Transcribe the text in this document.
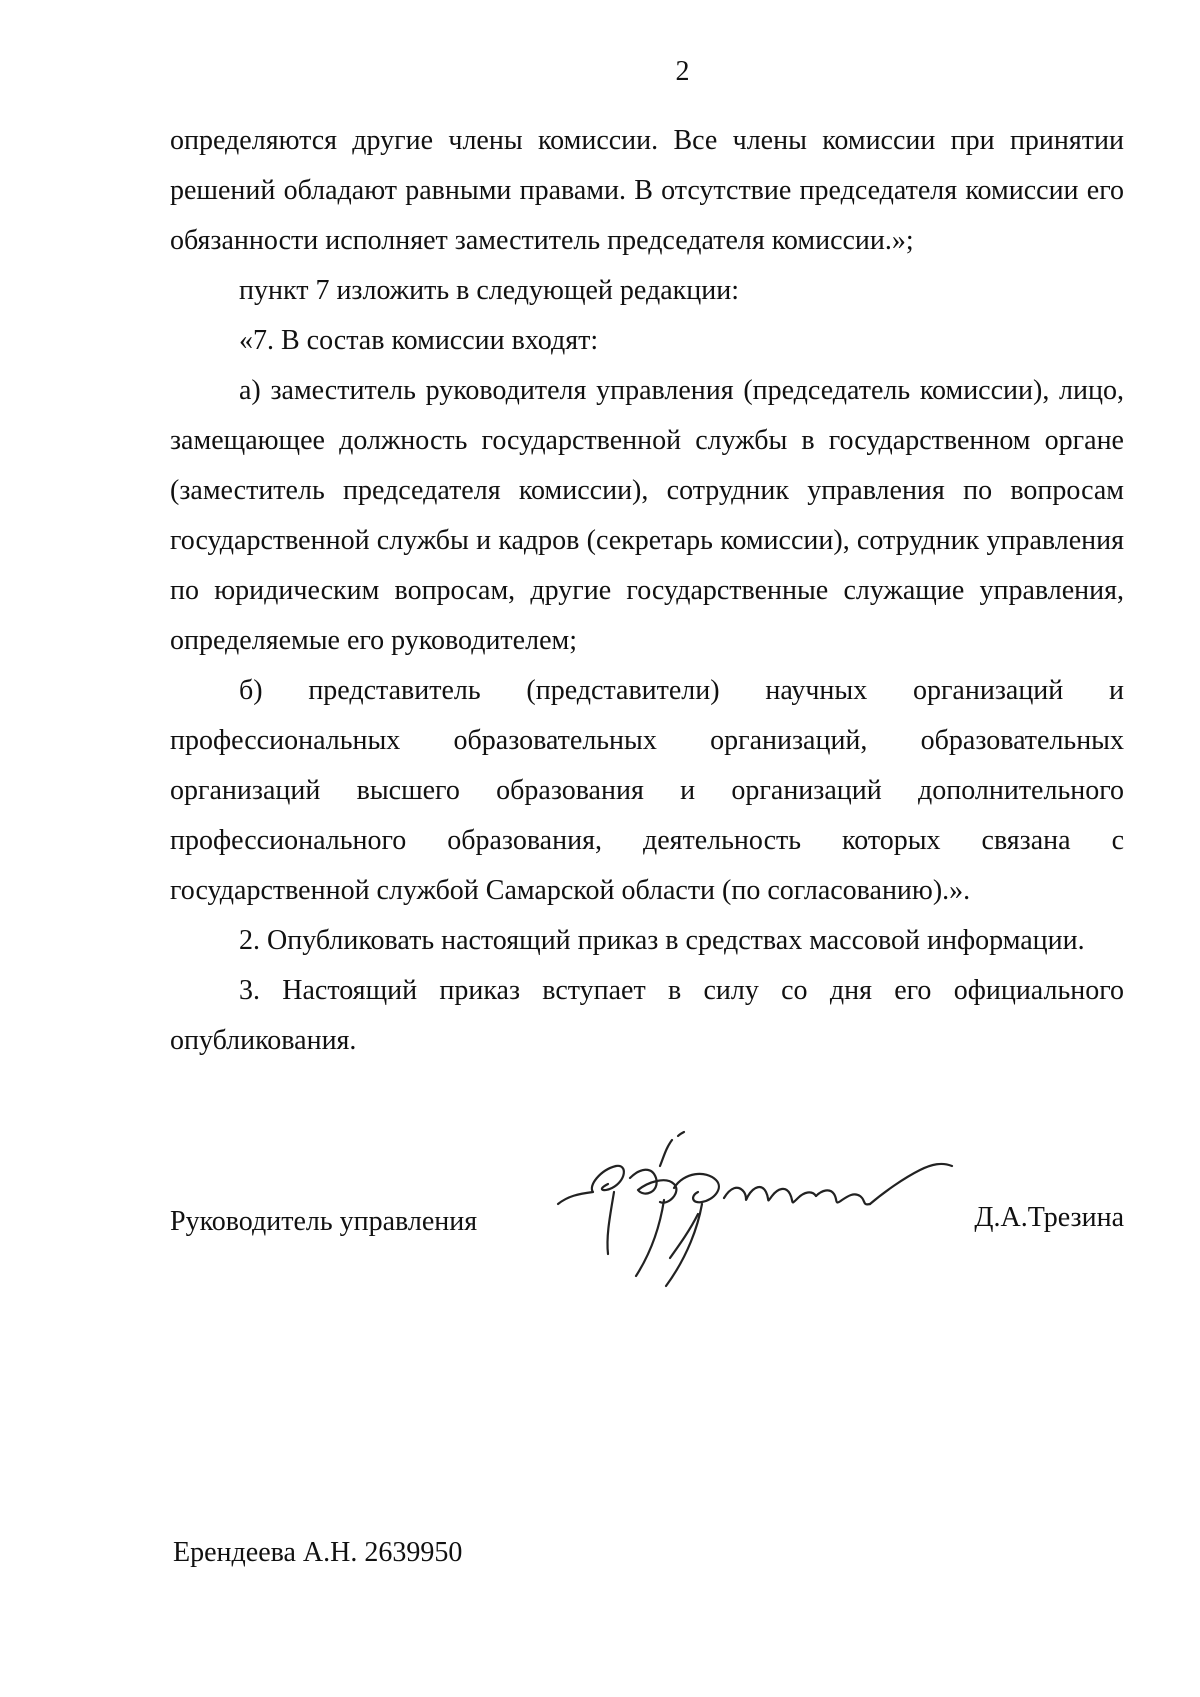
2

определяются другие члены комиссии. Все члены комиссии при принятии решений обладают равными правами. В отсутствие председателя комиссии его обязанности исполняет заместитель председателя комиссии.»;

пункт 7 изложить в следующей редакции:

«7. В состав комиссии входят:

а) заместитель руководителя управления (председатель комиссии), лицо, замещающее должность государственной службы в государственном органе (заместитель председателя комиссии), сотрудник управления по вопросам государственной службы и кадров (секретарь комиссии), сотрудник управления по юридическим вопросам, другие государственные служащие управления, определяемые его руководителем;

б) представитель (представители) научных организаций и профессиональных образовательных организаций, образовательных организаций высшего образования и организаций дополнительного профессионального образования, деятельность которых связана с государственной службой Самарской области (по согласованию).».

2. Опубликовать настоящий приказ в средствах массовой информации.

3. Настоящий приказ вступает в силу со дня его официального опубликования.

Руководитель управления	Д.А.Трезина
Ерендеева А.Н. 2639950
